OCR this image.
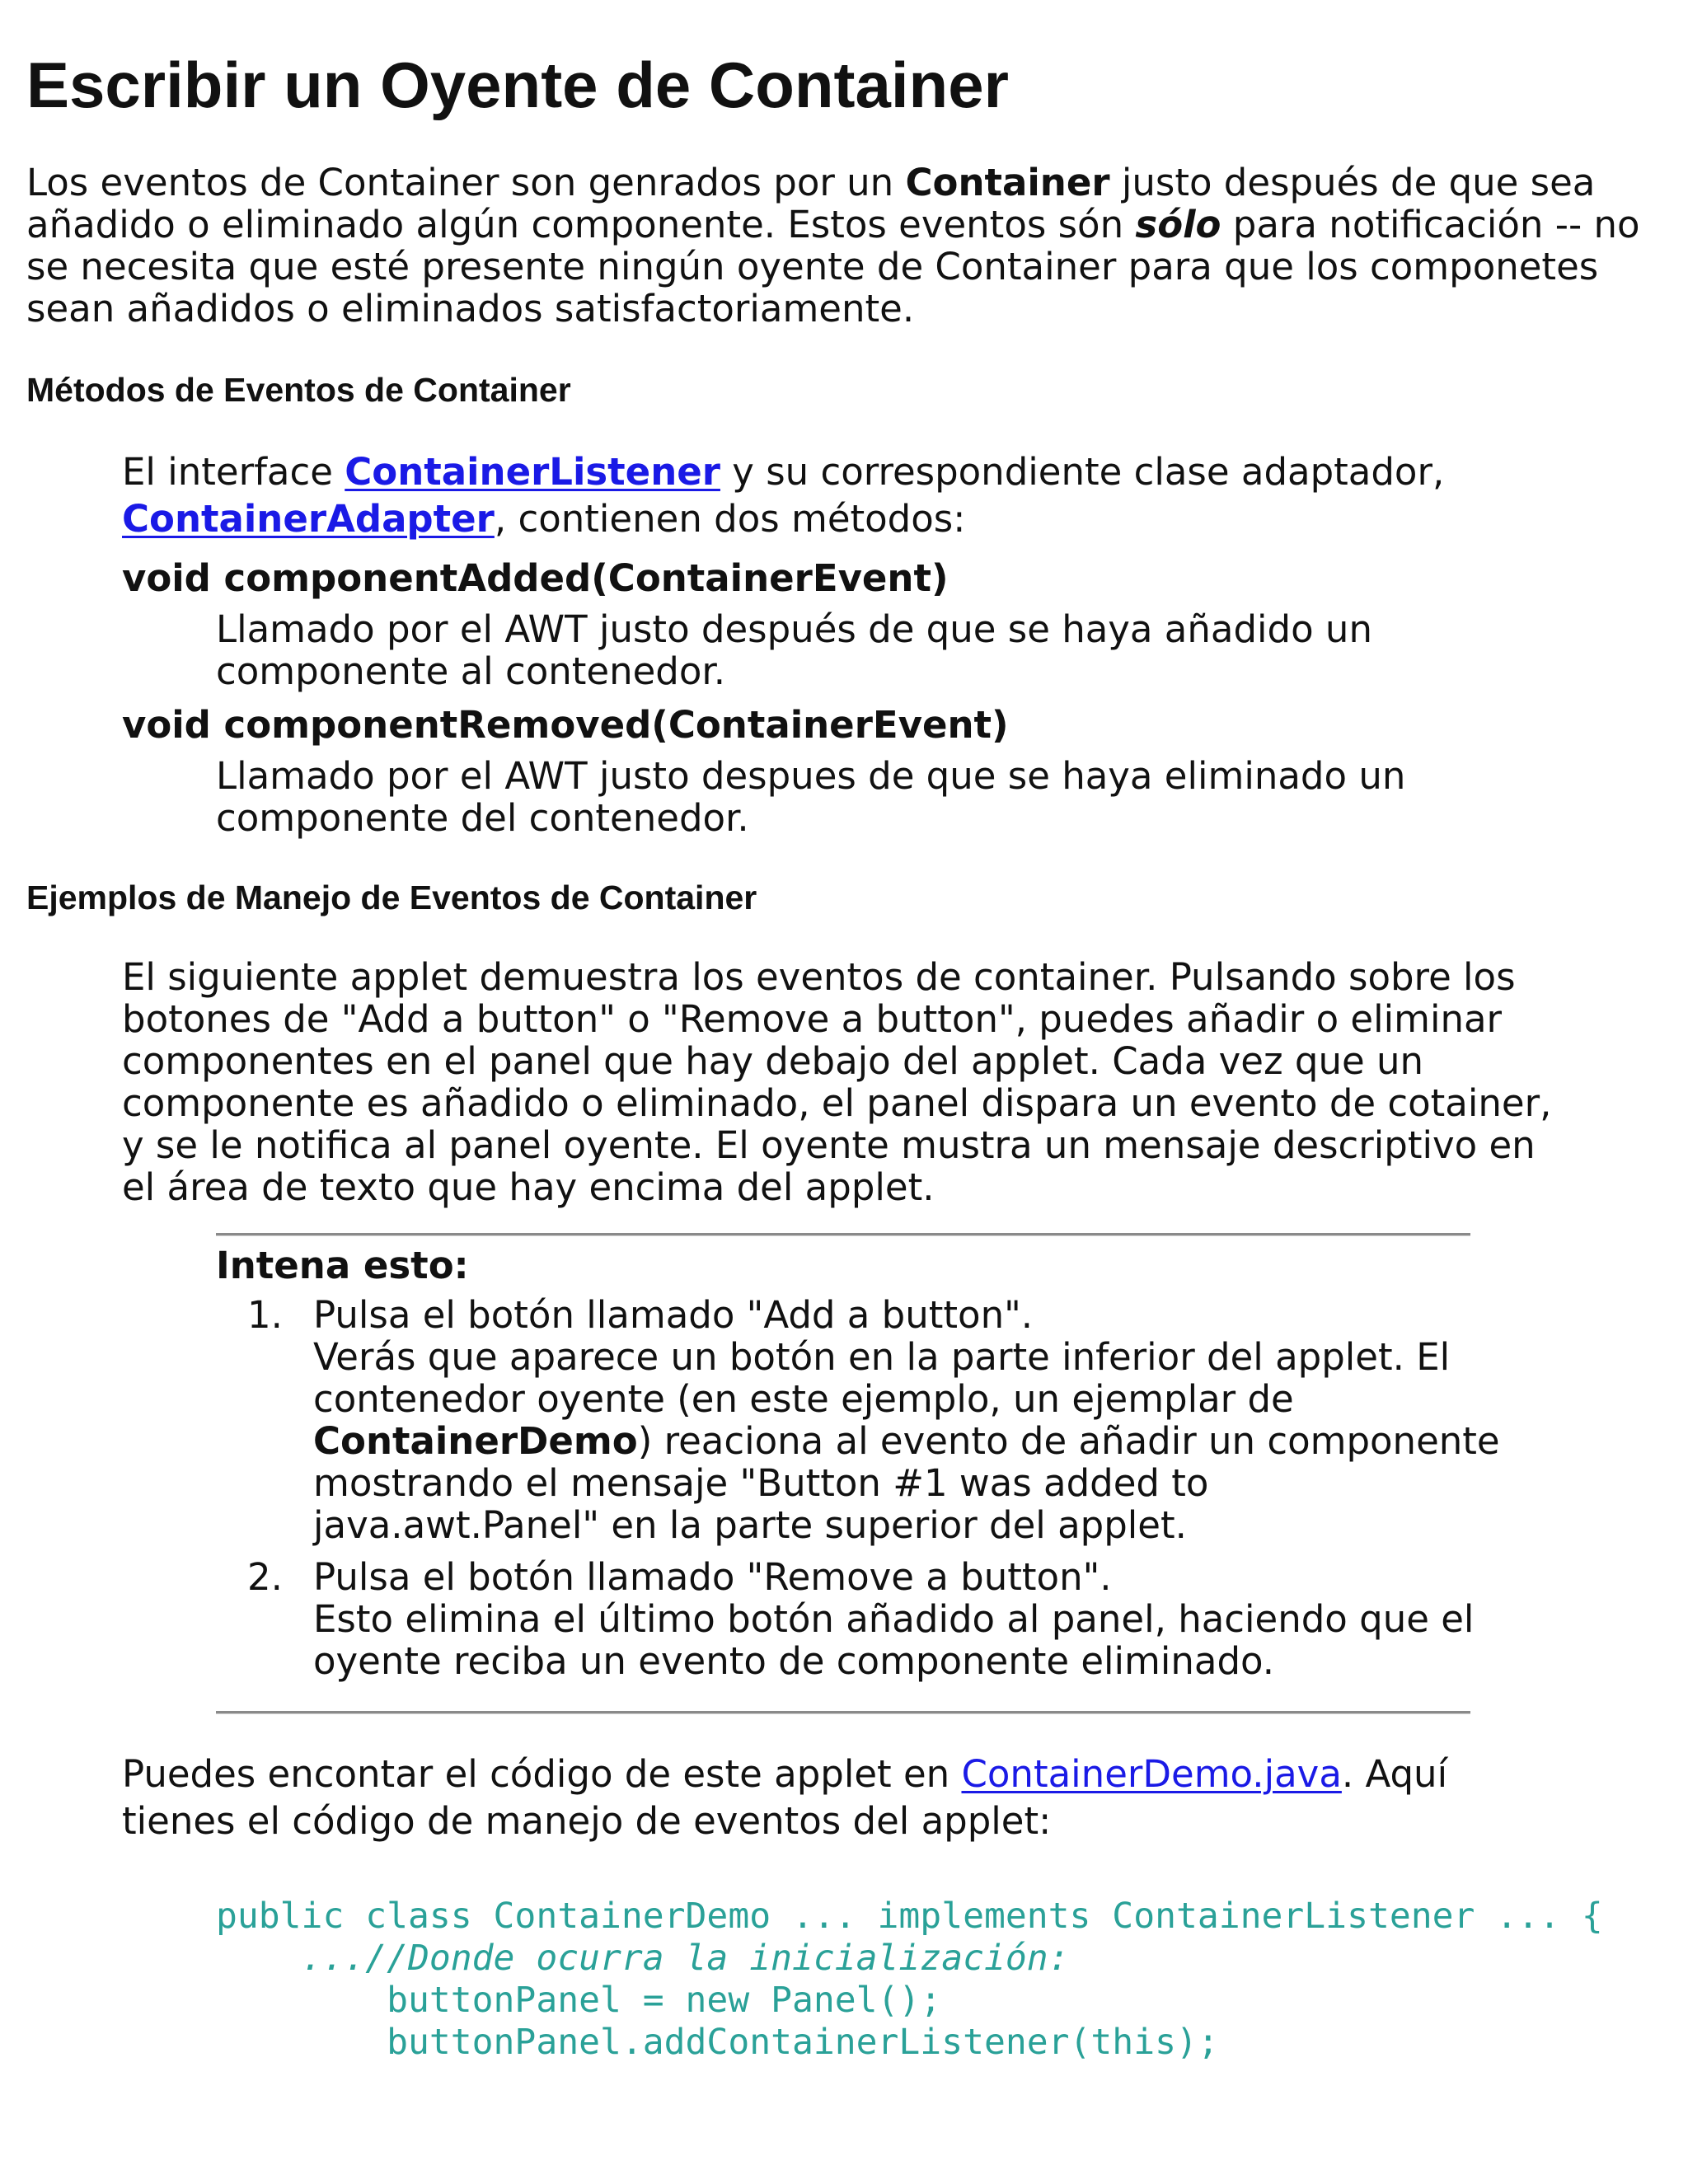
Escribir un Oyente de Container

Los eventos de Container son genrados por un Container justo después de que sea añadido o eliminado algún componente. Estos eventos són sólo para notificación -- no se necesita que esté presente ningún oyente de Container para que los componetes sean añadidos o eliminados satisfactoriamente.

Métodos de Eventos de Container

El interface ContainerListener y su correspondiente clase adaptador,
ContainerAdapter, contienen dos métodos:

void componentAdded(ContainerEvent)

Llamado por el AWT justo después de que se haya añadido un componente al contenedor.

void componentRemoved(ContainerEvent)

Llamado por el AWT justo despues de que se haya eliminado un componente del contenedor.

Ejemplos de Manejo de Eventos de Container

El siguiente applet demuestra los eventos de container. Pulsando sobre los botones de "Add a button" o "Remove a button", puedes añadir o eliminar componentes en el panel que hay debajo del applet. Cada vez que un componente es añadido o eliminado, el panel dispara un evento de cotainer, y se le notifica al panel oyente. El oyente mustra un mensaje descriptivo en el área de texto que hay encima del applet.

Intena esto:

1. Pulsa el botón llamado "Add a button".
Verás que aparece un botón en la parte inferior del applet. El contenedor oyente (en este ejemplo, un ejemplar de ContainerDemo) reaciona al evento de añadir un componente mostrando el mensaje "Button #1 was added to java.awt.Panel" en la parte superior del applet.
2. Pulsa el botón llamado "Remove a button".
Esto elimina el último botón añadido al panel, haciendo que el oyente reciba un evento de componente eliminado.

Puedes encontar el código de este applet en ContainerDemo.java. Aquí tienes el código de manejo de eventos del applet:

public class ContainerDemo ... implements ContainerListener ... {
...//Donde ocurra la inicialización:
buttonPanel = new Panel();
buttonPanel.addContainerListener(this);
